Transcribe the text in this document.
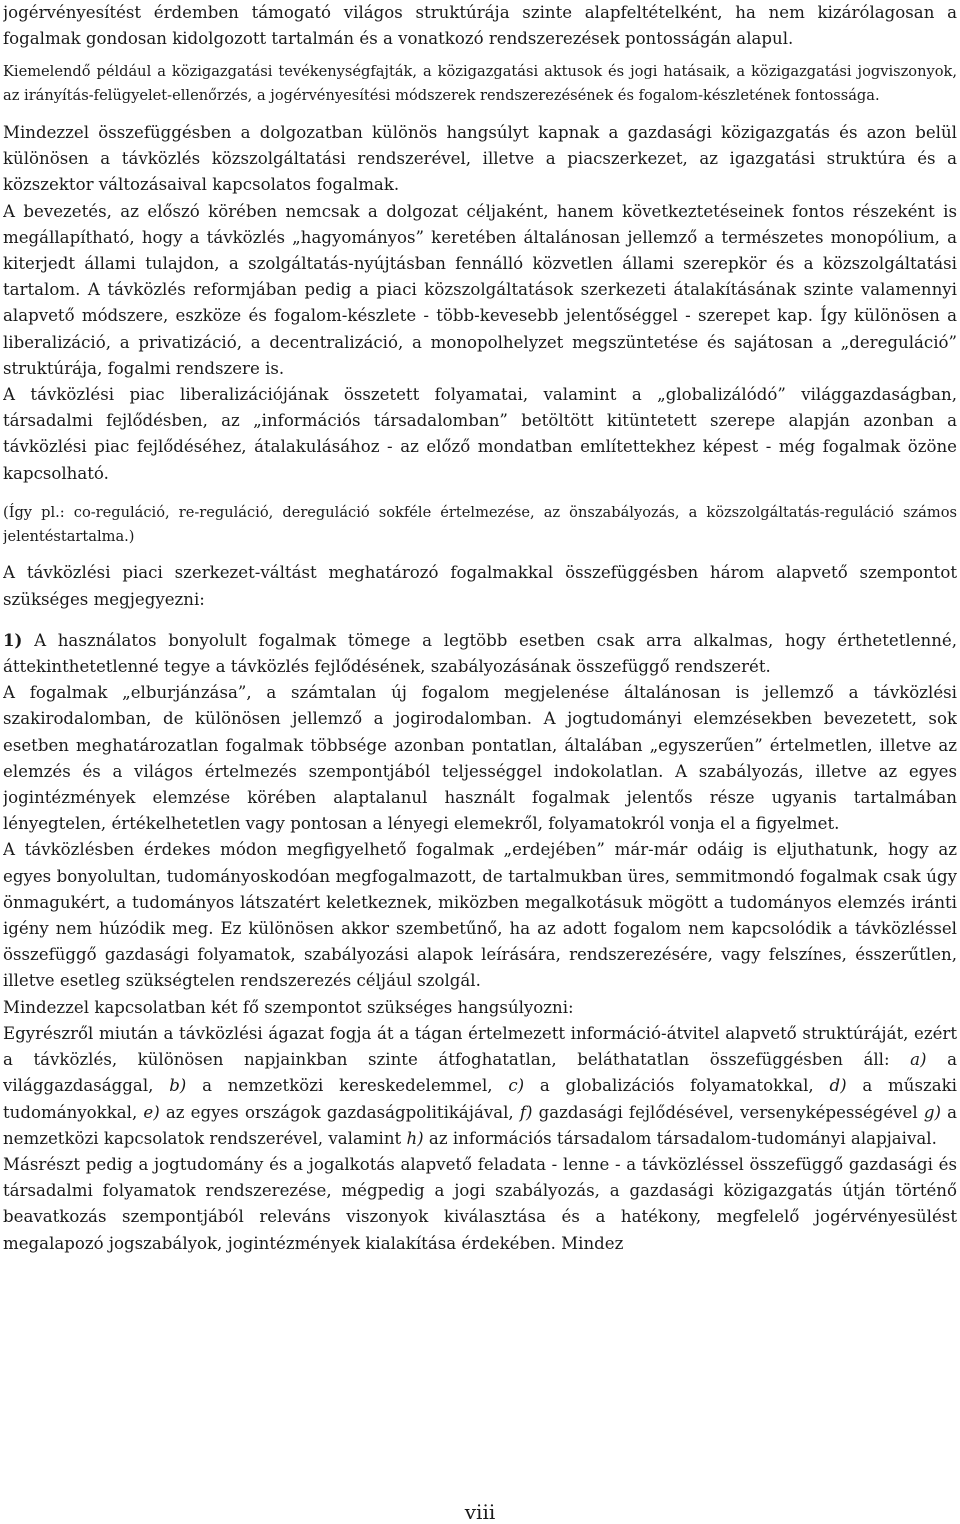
jogérvényesítést érdemben támogató világos struktúrája szinte alapfeltételként, ha nem kizárólagosan a fogalmak gondosan kidolgozott tartalmán és a vonatkozó rendszerezések pontosságán alapul.

Kiemelendő például a közigazgatási tevékenységfajták, a közigazgatási aktusok és jogi hatásaik, a közigazgatási jogviszonyok, az irányítás-felügyelet-ellenőrzés, a jogérvényesítési módszerek rendszerezésének és fogalom-készletének fontossága.

Mindezzel összefüggésben a dolgozatban különös hangsúlyt kapnak a gazdasági közigazgatás és azon belül különösen a távközlés közszolgáltatási rendszerével, illetve a piacszerkezet, az igazgatási struktúra és a közszektor változásaival kapcsolatos fogalmak.

A bevezetés, az előszó körében nemcsak a dolgozat céljaként, hanem következtetéseinek fontos részeként is megállapítható, hogy a távközlés „hagyományos” keretében általánosan jellemző a természetes monopólium, a kiterjedt állami tulajdon, a szolgáltatás-nyújtásban fennálló közvetlen állami szerepkör és a közszolgáltatási tartalom. A távközlés reformjában pedig a piaci közszolgáltatások szerkezeti átalakításának szinte valamennyi alapvető módszere, eszköze és fogalom-készlete - több-kevesebb jelentőséggel - szerepet kap. Így különösen a liberalizáció, a privatizáció, a decentralizáció, a monopolhelyzet megszüntetése és sajátosan a „dereguláció” struktúrája, fogalmi rendszere is.

A távközlési piac liberalizációjának összetett folyamatai, valamint a „globalizálódó” világgazdaságban, társadalmi fejlődésben, az „információs társadalomban” betöltött kitüntetett szerepe alapján azonban a távközlési piac fejlődéséhez, átalakulásához - az előző mondatban említettekhez képest - még fogalmak özöne kapcsolható.

(Így pl.: co-reguláció, re-reguláció, dereguláció sokféle értelmezése, az önszabályozás, a közszolgáltatás-reguláció számos jelentéstartalma.)

A távközlési piaci szerkezet-váltást meghatározó fogalmakkal összefüggésben három alapvető szempontot szükséges megjegyezni:

1) A használatos bonyolult fogalmak tömege a legtöbb esetben csak arra alkalmas, hogy érthetetlenné, áttekinthetetlenné tegye a távközlés fejlődésének, szabályozásának összefüggő rendszerét.

A fogalmak „elburjánzása”, a számtalan új fogalom megjelenése általánosan is jellemző a távközlési szakirodalomban, de különösen jellemző a jogirodalomban. A jogtudományi elemzésekben bevezetett, sok esetben meghatározatlan fogalmak többsége azonban pontatlan, általában „egyszerűen” értelmetlen, illetve az elemzés és a világos értelmezés szempontjából teljességgel indokolatlan. A szabályozás, illetve az egyes jogintézmények elemzése körében alaptalanul használt fogalmak jelentős része ugyanis tartalmában lényegtelen, értékelhetetlen vagy pontosan a lényegi elemekről, folyamatokról vonja el a figyelmet.

A távközlésben érdekes módon megfigyelhető fogalmak „erdejében” már-már odáig is eljuthatunk, hogy az egyes bonyolultan, tudományoskodóan megfogalmazott, de tartalmukban üres, semmitmondó fogalmak csak úgy önmagukért, a tudományos látszatért keletkeznek, miközben megalkotásuk mögött a tudományos elemzés iránti igény nem húzódik meg. Ez különösen akkor szembetűnő, ha az adott fogalom nem kapcsolódik a távközléssel összefüggő gazdasági folyamatok, szabályozási alapok leírására, rendszerezésére, vagy felszínes, ésszerűtlen, illetve esetleg szükségtelen rendszerezés céljául szolgál.

Mindezzel kapcsolatban két fő szempontot szükséges hangsúlyozni:

Egyrészről miután a távközlési ágazat fogja át a tágan értelmezett információ-átvitel alapvető struktúráját, ezért a távközlés, különösen napjainkban szinte átfoghatatlan, beláthatatlan összefüggésben áll: a) a világgazdasággal, b) a nemzetközi kereskedelemmel, c) a globalizációs folyamatokkal, d) a műszaki tudományokkal, e) az egyes országok gazdaságpolitikájával, f) gazdasági fejlődésével, versenyképességével g) a nemzetközi kapcsolatok rendszerével, valamint h) az információs társadalom társadalom-tudományi alapjaival.

Másrészt pedig a jogtudomány és a jogalkotás alapvető feladata - lenne - a távközléssel összefüggő gazdasági és társadalmi folyamatok rendszerezése, mégpedig a jogi szabályozás, a gazdasági közigazgatás útján történő beavatkozás szempontjából releváns viszonyok kiválasztása és a hatékony, megfelelő jogérvényesülést megalapozó jogszabályok, jogintézmények kialakítása érdekében. Mindez

viii
